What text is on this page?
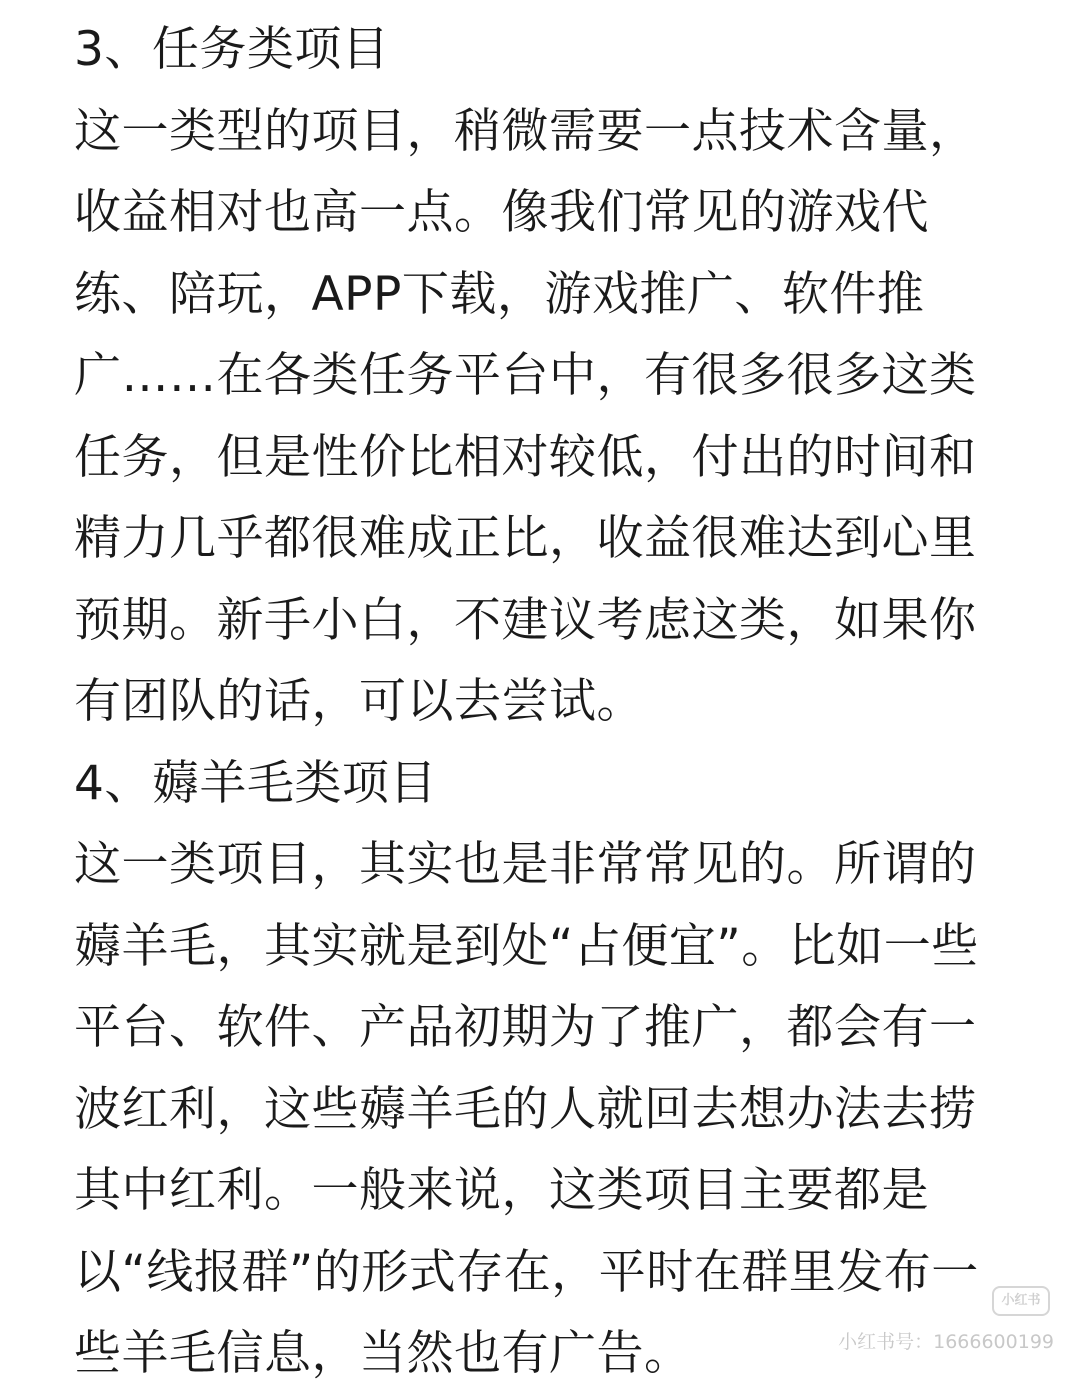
3、任务类项目
这一类型的项目，稍微需要一点技术含量，
收益相对也高一点。像我们常见的游戏代
练、陪玩，APP下载，游戏推广、软件推
广……在各类任务平台中，有很多很多这类
任务，但是性价比相对较低，付出的时间和
精力几乎都很难成正比，收益很难达到心里
预期。新手小白，不建议考虑这类，如果你
有团队的话，可以去尝试。
4、薅羊毛类项目
这一类项目，其实也是非常常见的。所谓的
薅羊毛，其实就是到处“占便宜”。比如一些
平台、软件、产品初期为了推广，都会有一
波红利，这些薅羊毛的人就回去想办法去捞
其中红利。一般来说，这类项目主要都是
以“线报群”的形式存在，平时在群里发布一
些羊毛信息，当然也有广告。
小红书
小红书号：1666600199
